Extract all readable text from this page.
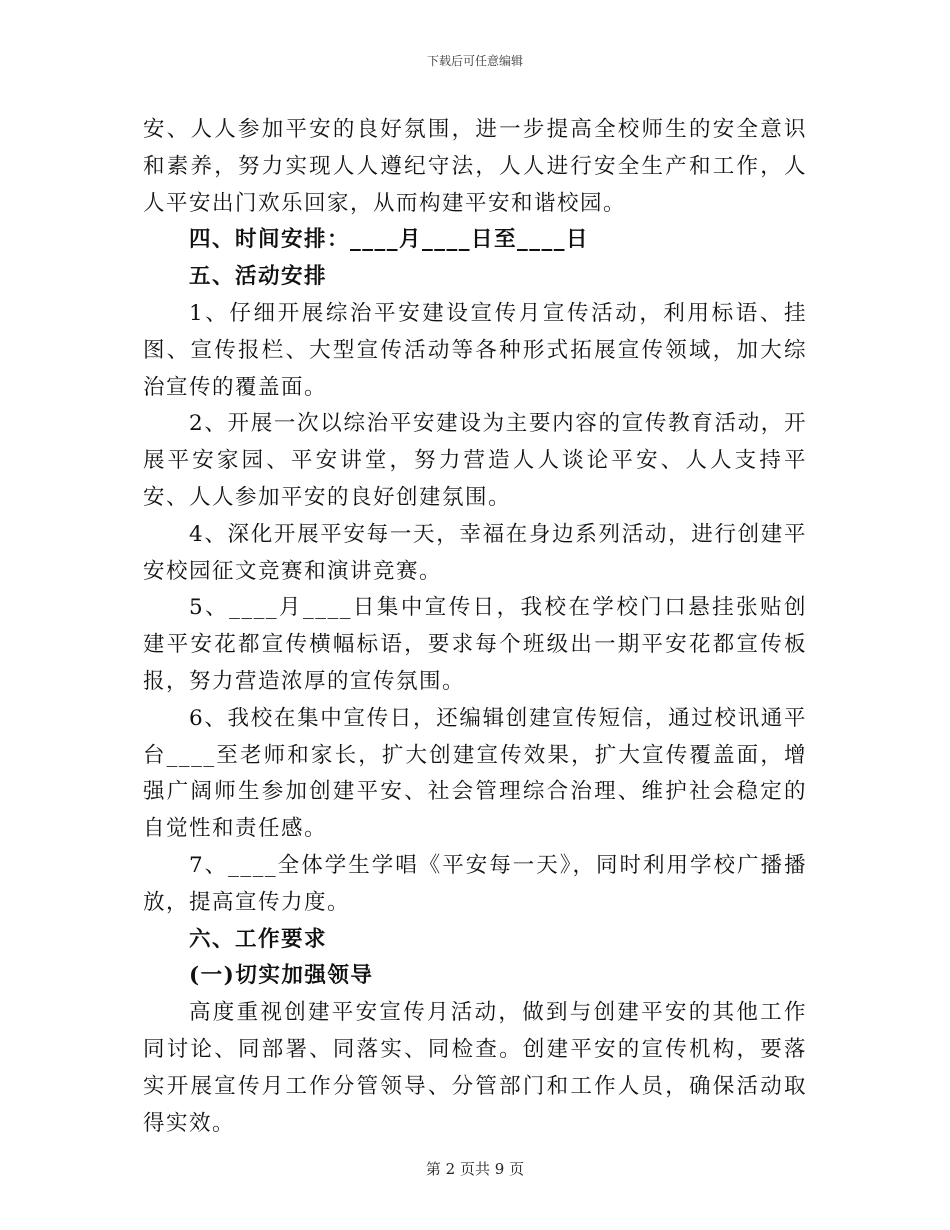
下载后可任意编辑

安、人人参加平安的良好氛围，进一步提高全校师生的安全意识和素养，努力实现人人遵纪守法，人人进行安全生产和工作，人人平安出门欢乐回家，从而构建平安和谐校园。

四、时间安排：____月____日至____日

五、活动安排

1、仔细开展综治平安建设宣传月宣传活动，利用标语、挂图、宣传报栏、大型宣传活动等各种形式拓展宣传领域，加大综治宣传的覆盖面。

2、开展一次以综治平安建设为主要内容的宣传教育活动，开展平安家园、平安讲堂，努力营造人人谈论平安、人人支持平安、人人参加平安的良好创建氛围。

4、深化开展平安每一天，幸福在身边系列活动，进行创建平安校园征文竞赛和演讲竞赛。

5、____月____日集中宣传日，我校在学校门口悬挂张贴创建平安花都宣传横幅标语，要求每个班级出一期平安花都宣传板报，努力营造浓厚的宣传氛围。

6、我校在集中宣传日，还编辑创建宣传短信，通过校讯通平台____至老师和家长，扩大创建宣传效果，扩大宣传覆盖面，增强广阔师生参加创建平安、社会管理综合治理、维护社会稳定的自觉性和责任感。

7、____全体学生学唱《平安每一天》，同时利用学校广播播放，提高宣传力度。

六、工作要求

(一)切实加强领导

高度重视创建平安宣传月活动，做到与创建平安的其他工作同讨论、同部署、同落实、同检查。创建平安的宣传机构，要落实开展宣传月工作分管领导、分管部门和工作人员，确保活动取得实效。

第 2 页共 9 页
